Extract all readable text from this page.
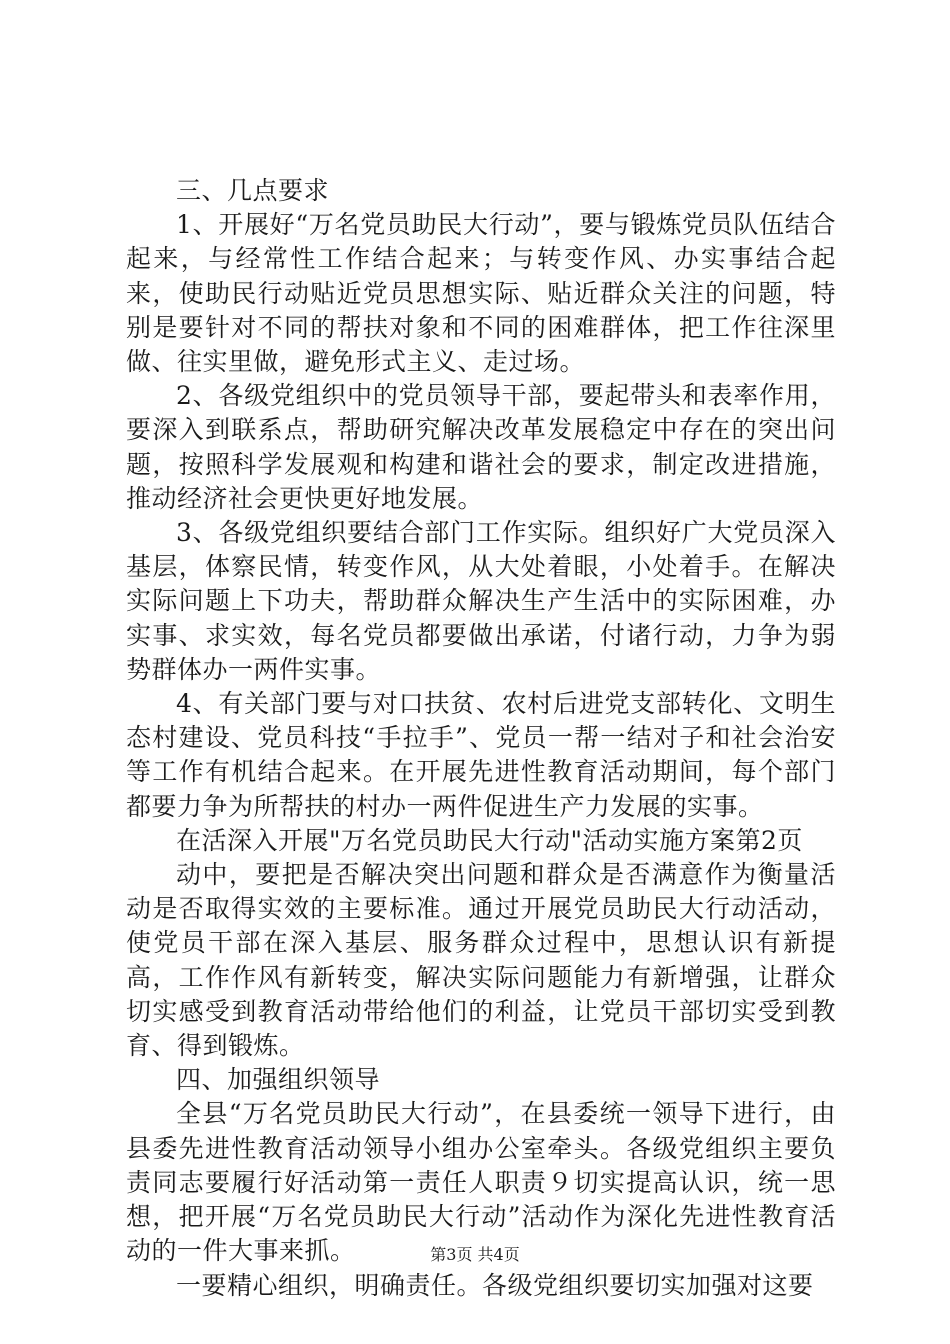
三、几点要求

1、开展好“万名党员助民大行动”，要与锻炼党员队伍结合起来，与经常性工作结合起来；与转变作风、办实事结合起来，使助民行动贴近党员思想实际、贴近群众关注的问题，特别是要针对不同的帮扶对象和不同的困难群体，把工作往深里做、往实里做，避免形式主义、走过场。

2、各级党组织中的党员领导干部，要起带头和表率作用，要深入到联系点，帮助研究解决改革发展稳定中存在的突出问题，按照科学发展观和构建和谐社会的要求，制定改进措施，推动经济社会更快更好地发展。

3、各级党组织要结合部门工作实际。组织好广大党员深入基层，体察民情，转变作风，从大处着眼，小处着手。在解决实际问题上下功夫，帮助群众解决生产生活中的实际困难，办实事、求实效，每名党员都要做出承诺，付诸行动，力争为弱势群体办一两件实事。

4、有关部门要与对口扶贫、农村后进党支部转化、文明生态村建设、党员科技“手拉手”、党员一帮一结对子和社会治安等工作有机结合起来。在开展先进性教育活动期间，每个部门都要力争为所帮扶的村办一两件促进生产力发展的实事。

在活深入开展"万名党员助民大行动"活动实施方案第2页

动中，要把是否解决突出问题和群众是否满意作为衡量活动是否取得实效的主要标准。通过开展党员助民大行动活动，使党员干部在深入基层、服务群众过程中，思想认识有新提高，工作作风有新转变，解决实际问题能力有新增强，让群众切实感受到教育活动带给他们的利益，让党员干部切实受到教育、得到锻炼。

四、加强组织领导

全县“万名党员助民大行动”，在县委统一领导下进行，由县委先进性教育活动领导小组办公室牵头。各级党组织主要负责同志要履行好活动第一责任人职责９切实提高认识，统一思想，把开展“万名党员助民大行动”活动作为深化先进性教育活动的一件大事来抓。

一要精心组织，明确责任。各级党组织要切实加强对这要

第3页 共4页
